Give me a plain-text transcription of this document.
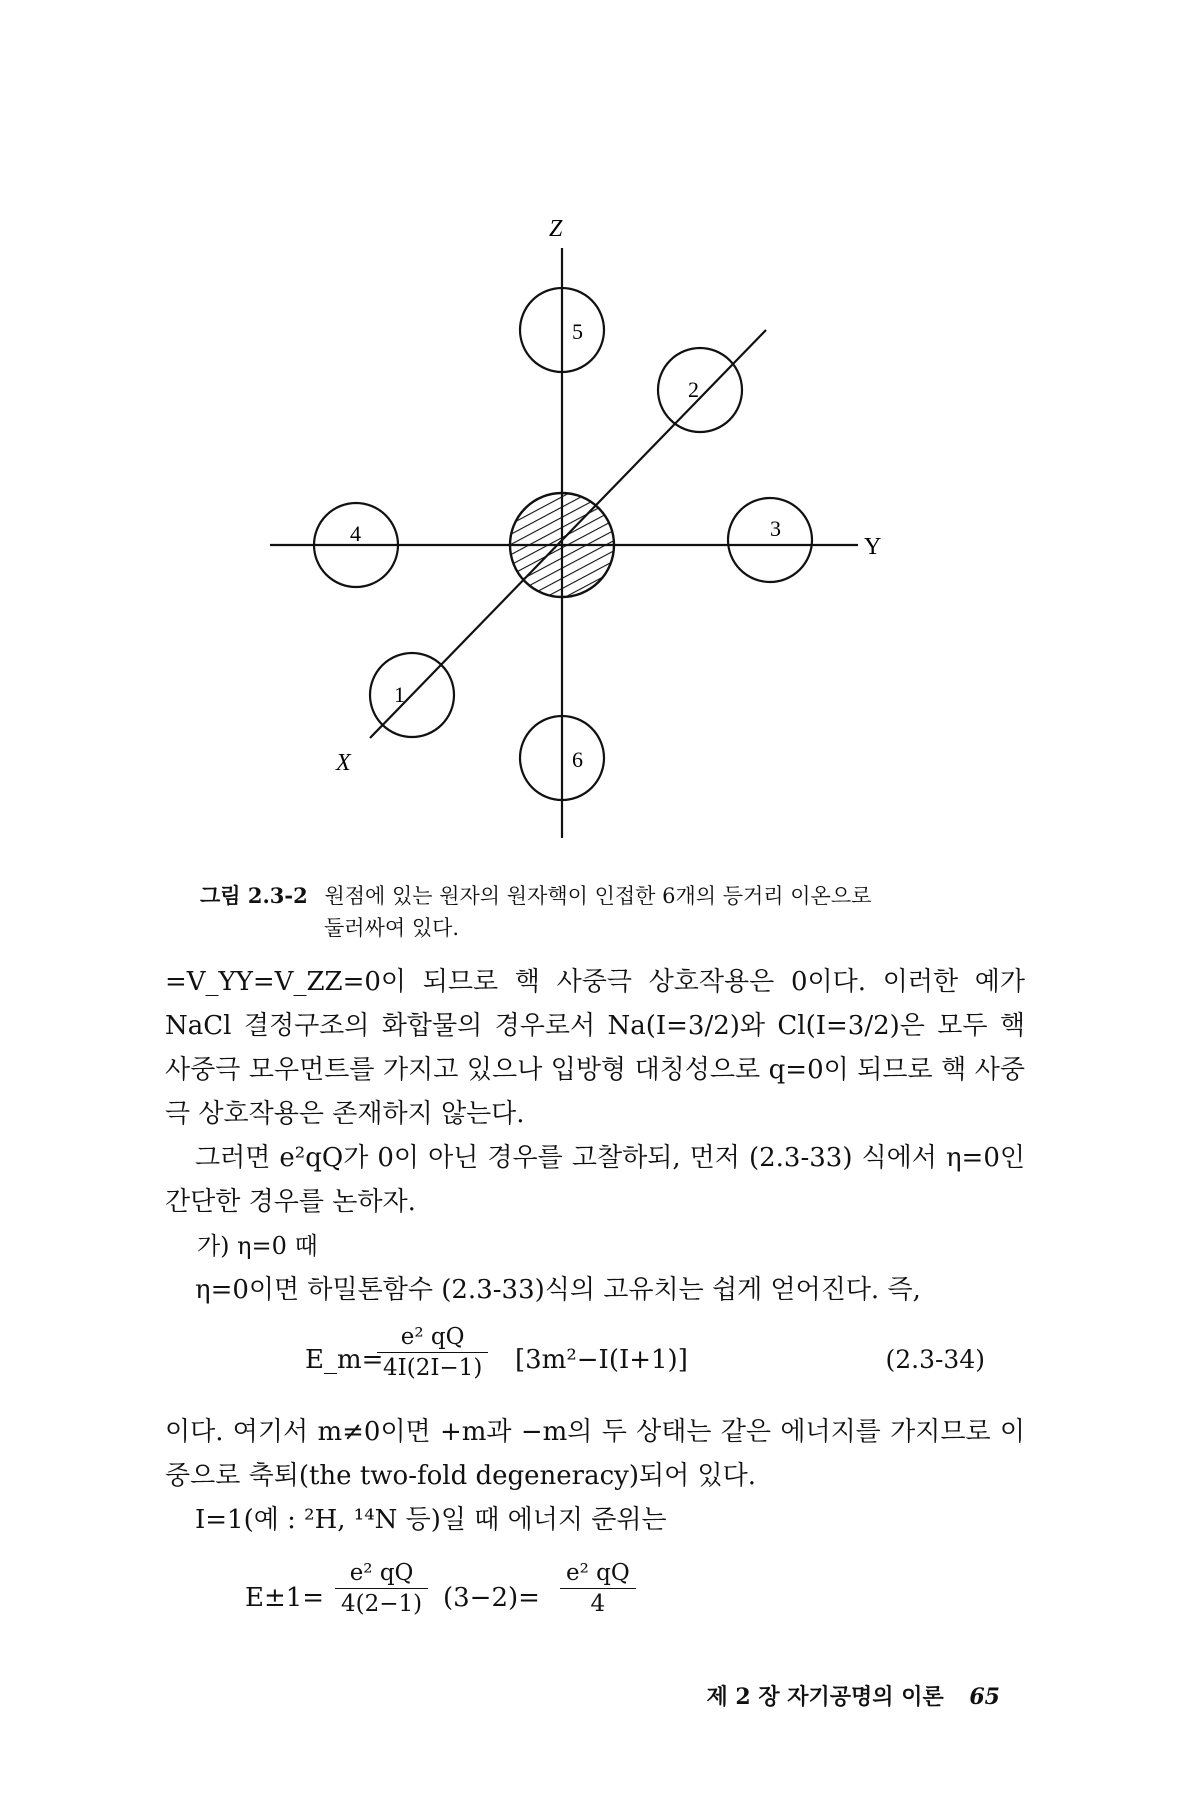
Z
Y
X
1
2
3
4
5
6
그림 2.3-2 원점에 있는 원자의 원자핵이 인접한 6개의 등거리 이온으로
둘러싸여 있다.

=V_YY=V_ZZ=0이 되므로 핵 사중극 상호작용은 0이다. 이러한 예가 NaCl 결정구조의 화합물의 경우로서 Na(I=3/2)와 Cl(I=3/2)은 모두 핵 사중극 모우먼트를 가지고 있으나 입방형 대칭성으로 q=0이 되므로 핵 사중극 상호작용은 존재하지 않는다.

그러면 e²qQ가 0이 아닌 경우를 고찰하되, 먼저 (2.3-33) 식에서 η=0인 간단한 경우를 논하자.

가) η=0 때

η=0이면 하밀톤함수 (2.3-33)식의 고유치는 쉽게 얻어진다. 즉,

E_m=
$\frac{\text{e² qQ}}{4I(2I-1)} [3m^2-I(I+1)]$	(2.3-34)

이다. 여기서 m≠0이면 +m과 −m의 두 상태는 같은 에너지를 가지므로 이중으로 축퇴(the two-fold degeneracy)되어 있다.

I=1(예 : ²H, ¹⁴N 등)일 때 에너지 준위는

$E\pm 1= \frac{\text{e² qQ}}{4(2-1)} (3-2)= \frac{\text{e² qQ}}{4}$
제 2 장 자기공명의 이론 65
